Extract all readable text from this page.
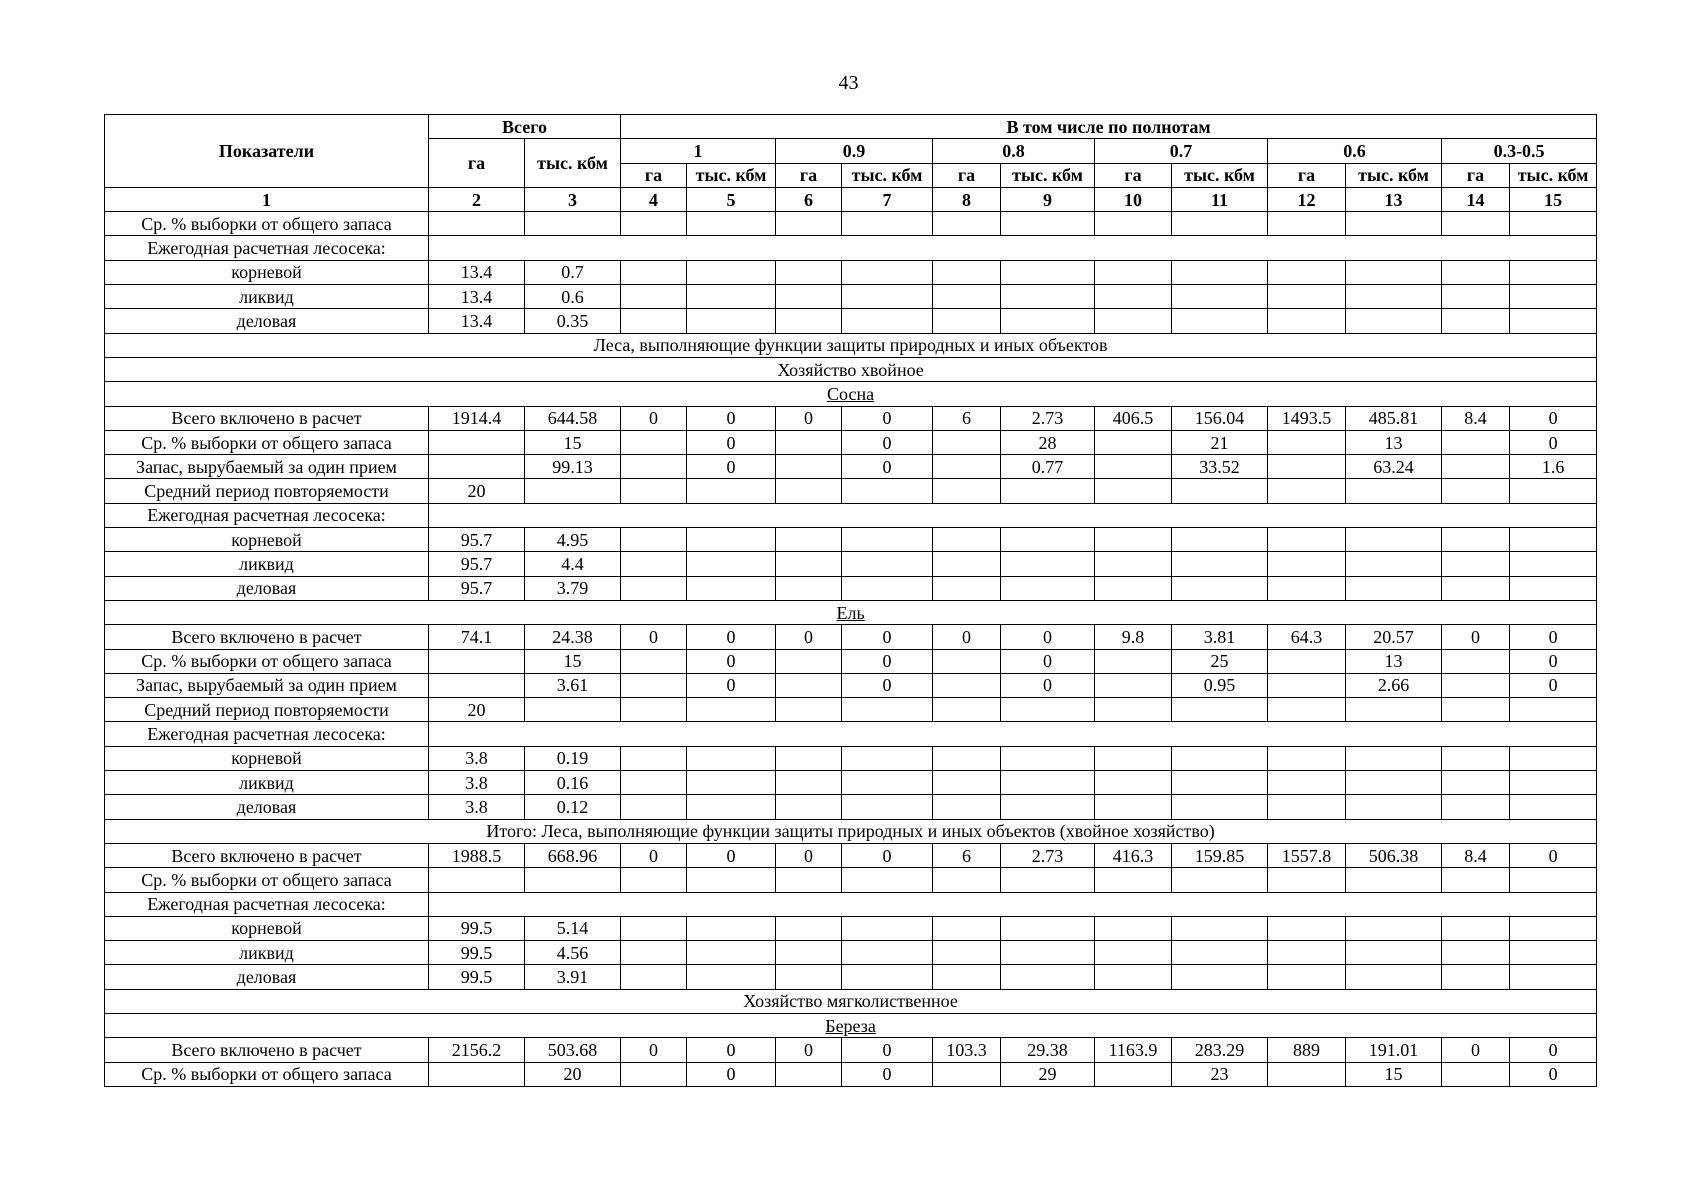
43
Показатели	Всего		В том числе по полнотам											
	га	тыс. кбм	1		0.9		0.8		0.7		0.6		0.3-0.5	
			га	тыс. кбм	га	тыс. кбм	га	тыс. кбм	га	тыс. кбм	га	тыс. кбм	га	тыс. кбм
1	2	3	4	5	6	7	8	9	10	11	12	13	14	15
Ср. % выборки от общего запаса														
Ежегодная расчетная лесосека:														
корневой	13.4	0.7												
ликвид	13.4	0.6												
деловая	13.4	0.35												
Леса, выполняющие функции защиты природных и иных объектов														
Хозяйство хвойное														
Сосна														
Всего включено в расчет	1914.4	644.58	0	0	0	0	6	2.73	406.5	156.04	1493.5	485.81	8.4	0
Ср. % выборки от общего запаса		15		0		0		28		21		13		0
Запас, вырубаемый за один прием		99.13		0		0		0.77		33.52		63.24		1.6
Средний период повторяемости	20													
Ежегодная расчетная лесосека:														
корневой	95.7	4.95												
ликвид	95.7	4.4												
деловая	95.7	3.79												
Ель														
Всего включено в расчет	74.1	24.38	0	0	0	0	0	0	9.8	3.81	64.3	20.57	0	0
Ср. % выборки от общего запаса		15		0		0		0		25		13		0
Запас, вырубаемый за один прием		3.61		0		0		0		0.95		2.66		0
Средний период повторяемости	20													
Ежегодная расчетная лесосека:														
корневой	3.8	0.19												
ликвид	3.8	0.16												
деловая	3.8	0.12												
Итого: Леса, выполняющие функции защиты природных и иных объектов (хвойное хозяйство)														
Всего включено в расчет	1988.5	668.96	0	0	0	0	6	2.73	416.3	159.85	1557.8	506.38	8.4	0
Ср. % выборки от общего запаса														
Ежегодная расчетная лесосека:														
корневой	99.5	5.14												
ликвид	99.5	4.56												
деловая	99.5	3.91												
Хозяйство мягколиственное														
Береза														
Всего включено в расчет	2156.2	503.68	0	0	0	0	103.3	29.38	1163.9	283.29	889	191.01	0	0
Ср. % выборки от общего запаса		20		0		0		29		23		15		0
